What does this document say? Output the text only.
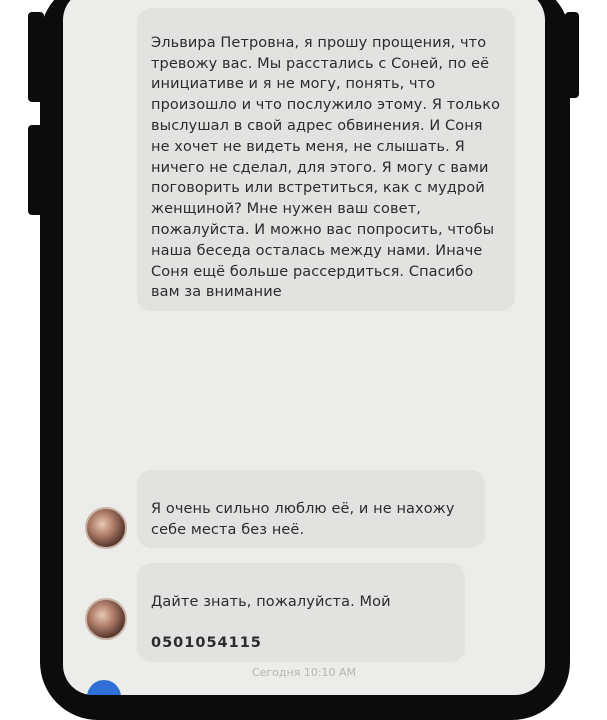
Эльвира Петровна, я прошу прощения, что тревожу вас. Мы расстались с Соней, по её инициативе и я не могу, понять, что произошло и что послужило этому. Я только выслушал в свой адрес обвинения. И Соня не хочет не видеть меня, не слышать. Я ничего не сделал, для этого. Я могу с вами поговорить или встретиться, как с мудрой женщиной? Мне нужен ваш совет, пожалуйста. И можно вас попросить, чтобы наша беседа осталась между нами. Иначе Соня ещё больше рассердиться. Спасибо вам за внимание

Я очень сильно люблю её, и не нахожу себе места без неё.

Дайте знать, пожалуйста. Мой

0501054115

Сегодня 10:10 AM
